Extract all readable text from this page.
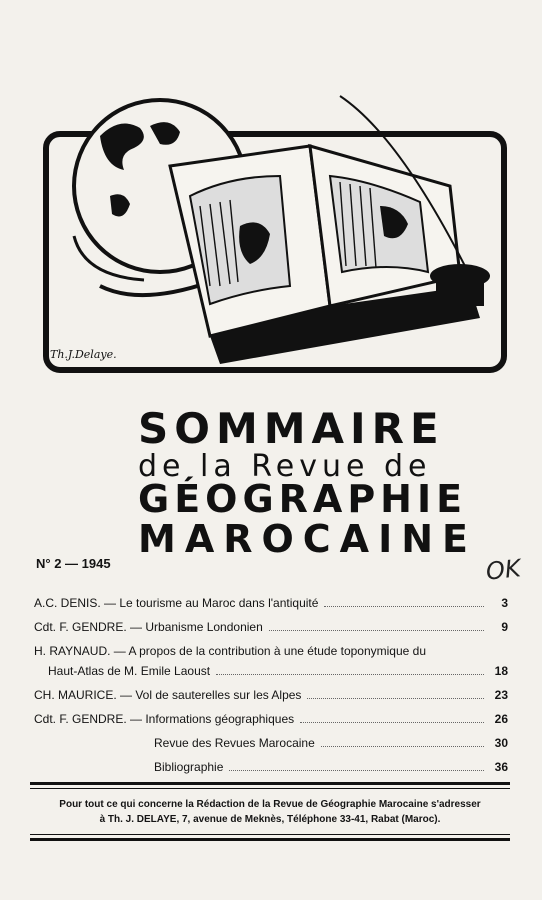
Th.J.Delaye.
SOMMAIRE
de la Revue de
GÉOGRAPHIE
MAROCAINE
N° 2 — 1945	OK
A.C. DENIS. — Le tourisme au Maroc dans l'antiquité	3
Cdt. F. GENDRE. — Urbanisme Londonien	9
H. RAYNAUD. — A propos de la contribution à une étude toponymique du
Haut-Atlas de M. Emile Laoust	18
CH. MAURICE. — Vol de sauterelles sur les Alpes	23
Cdt. F. GENDRE. — Informations géographiques	26
Revue des Revues Marocaine	30
Bibliographie	36
Pour tout ce qui concerne la Rédaction de la Revue de Géographie Marocaine s'adresser
à Th. J. DELAYE, 7, avenue de Meknès, Téléphone 33-41, Rabat (Maroc).
